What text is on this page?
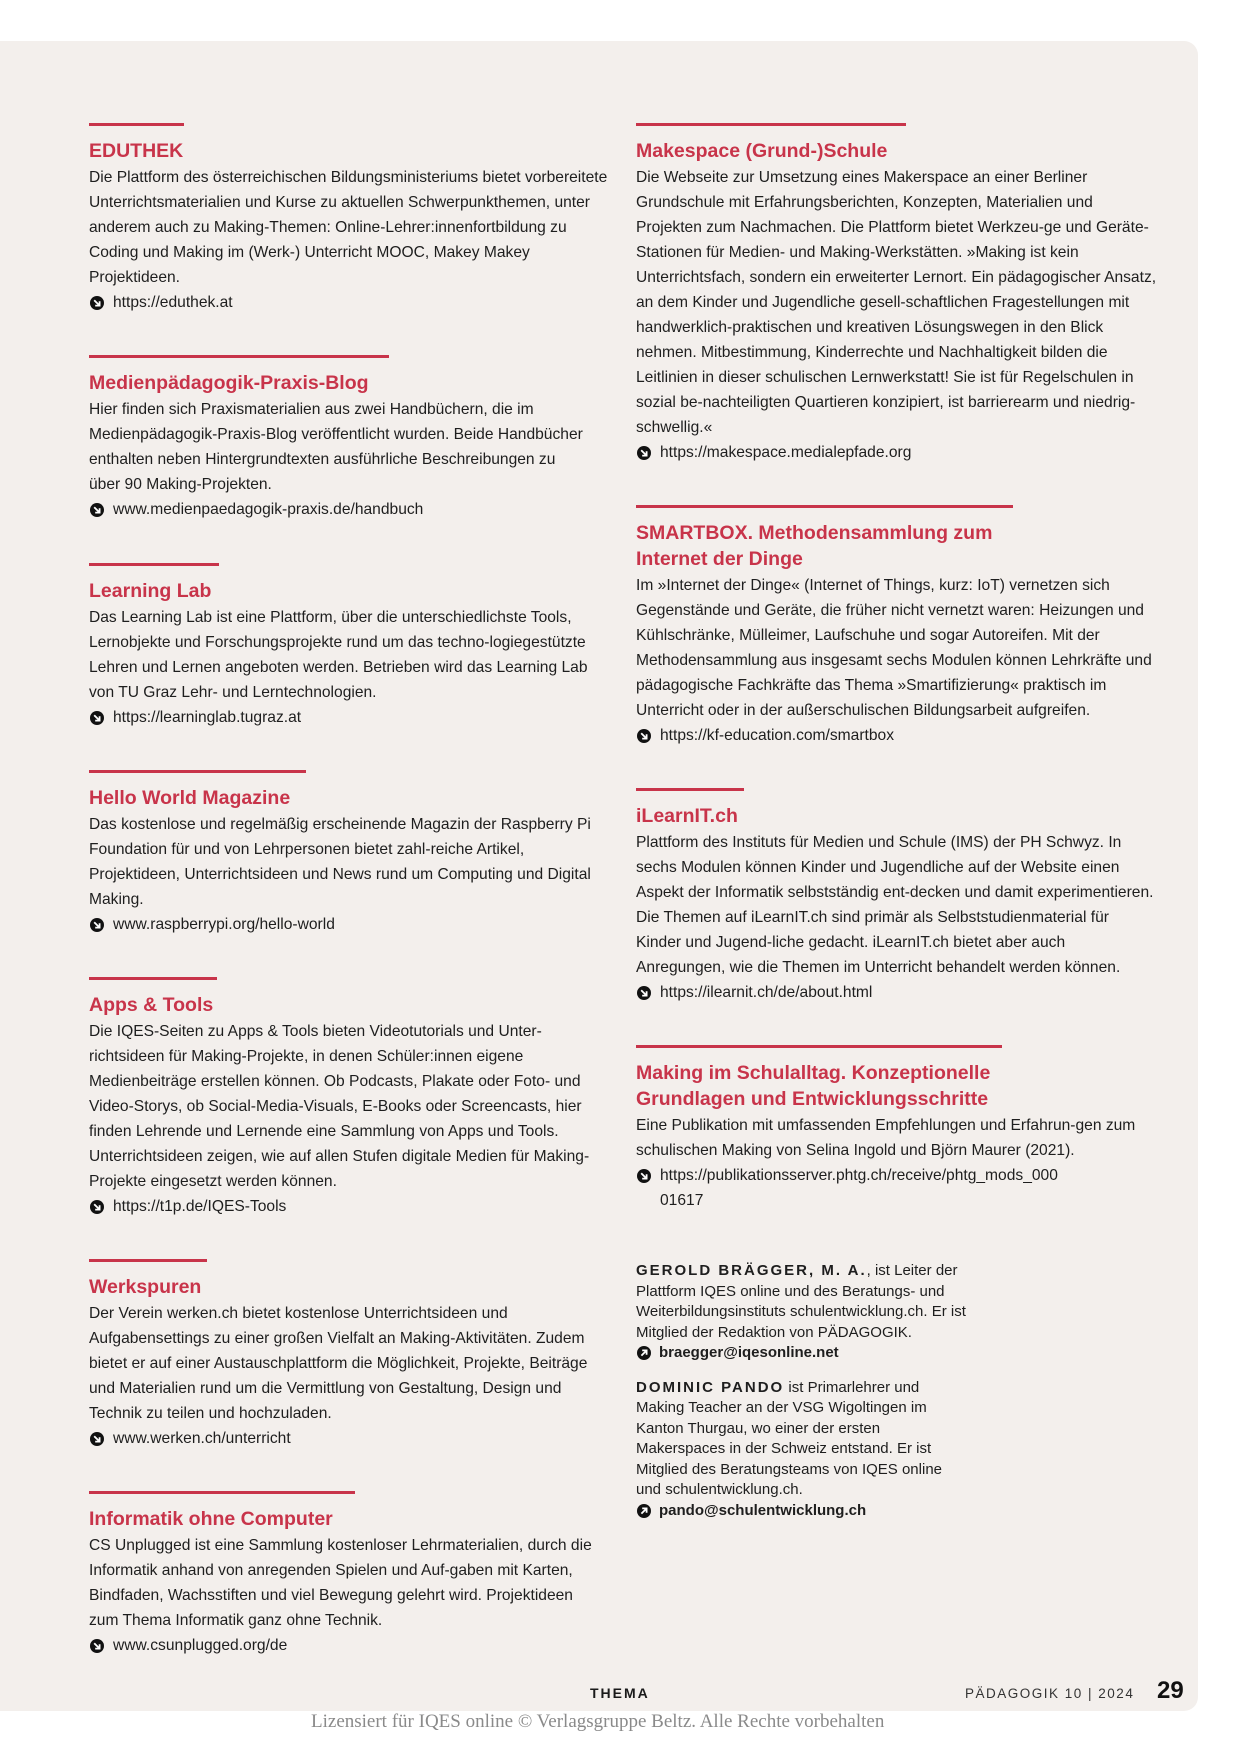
EDUTHEK

Die Plattform des österreichischen Bildungsministeriums bietet vorbereitete Unterrichtsmaterialien und Kurse zu aktuellen Schwerpunkthemen, unter anderem auch zu Making-Themen: Online-Lehrer:innenfortbildung zu Coding und Making im (Werk-) Unterricht MOOC, Makey Makey Projektideen.

https://eduthek.at
Medienpädagogik-Praxis-Blog

Hier finden sich Praxismaterialien aus zwei Handbüchern, die im Medienpädagogik-Praxis-Blog veröffentlicht wurden. Beide Handbücher enthalten neben Hintergrundtexten ausführliche Beschreibungen zu über 90 Making-Projekten.

www.medienpaedagogik-praxis.de/handbuch
Learning Lab

Das Learning Lab ist eine Plattform, über die unterschiedlichste Tools, Lernobjekte und Forschungsprojekte rund um das techno-logiegestützte Lehren und Lernen angeboten werden. Betrieben wird das Learning Lab von TU Graz Lehr- und Lerntechnologien.

https://learninglab.tugraz.at
Hello World Magazine

Das kostenlose und regelmäßig erscheinende Magazin der Raspberry Pi Foundation für und von Lehrpersonen bietet zahl-reiche Artikel, Projektideen, Unterrichtsideen und News rund um Computing und Digital Making.

www.raspberrypi.org/hello-world
Apps & Tools

Die IQES-Seiten zu Apps & Tools bieten Videotutorials und Unter-richtsideen für Making-Projekte, in denen Schüler:innen eigene Medienbeiträge erstellen können. Ob Podcasts, Plakate oder Foto- und Video-Storys, ob Social-Media-Visuals, E-Books oder Screencasts, hier finden Lehrende und Lernende eine Sammlung von Apps und Tools. Unterrichtsideen zeigen, wie auf allen Stufen digitale Medien für Making-Projekte eingesetzt werden können.

https://t1p.de/IQES-Tools
Werkspuren

Der Verein werken.ch bietet kostenlose Unterrichtsideen und Aufgabensettings zu einer großen Vielfalt an Making-Aktivitäten. Zudem bietet er auf einer Austauschplattform die Möglichkeit, Projekte, Beiträge und Materialien rund um die Vermittlung von Gestaltung, Design und Technik zu teilen und hochzuladen.

www.werken.ch/unterricht
Informatik ohne Computer

CS Unplugged ist eine Sammlung kostenloser Lehrmaterialien, durch die Informatik anhand von anregenden Spielen und Auf-gaben mit Karten, Bindfaden, Wachsstiften und viel Bewegung gelehrt wird. Projektideen zum Thema Informatik ganz ohne Technik.

www.csunplugged.org/de
Makespace (Grund-)Schule

Die Webseite zur Umsetzung eines Makerspace an einer Berliner Grundschule mit Erfahrungsberichten, Konzepten, Materialien und Projekten zum Nachmachen. Die Plattform bietet Werkzeu-ge und Geräte-Stationen für Medien- und Making-Werkstätten. »Making ist kein Unterrichtsfach, sondern ein erweiterter Lernort. Ein pädagogischer Ansatz, an dem Kinder und Jugendliche gesell-schaftlichen Fragestellungen mit handwerklich-praktischen und kreativen Lösungswegen in den Blick nehmen. Mitbestimmung, Kinderrechte und Nachhaltigkeit bilden die Leitlinien in dieser schulischen Lernwerkstatt! Sie ist für Regelschulen in sozial be-nachteiligten Quartieren konzipiert, ist barrierearm und niedrig-schwellig.«

https://makespace.medialepfade.org
SMARTBOX. Methodensammlung zum Internet der Dinge

Im »Internet der Dinge« (Internet of Things, kurz: IoT) vernetzen sich Gegenstände und Geräte, die früher nicht vernetzt waren: Heizungen und Kühlschränke, Mülleimer, Laufschuhe und sogar Autoreifen. Mit der Methodensammlung aus insgesamt sechs Modulen können Lehrkräfte und pädagogische Fachkräfte das Thema »Smartifizierung« praktisch im Unterricht oder in der außerschulischen Bildungsarbeit aufgreifen.

https://kf-education.com/smartbox
iLearnIT.ch

Plattform des Instituts für Medien und Schule (IMS) der PH Schwyz. In sechs Modulen können Kinder und Jugendliche auf der Website einen Aspekt der Informatik selbstständig ent-decken und damit experimentieren. Die Themen auf iLearnIT.ch sind primär als Selbststudienmaterial für Kinder und Jugend-liche gedacht. iLearnIT.ch bietet aber auch Anregungen, wie die Themen im Unterricht behandelt werden können.

https://ilearnit.ch/de/about.html
Making im Schulalltag. Konzeptionelle Grundlagen und Entwicklungsschritte

Eine Publikation mit umfassenden Empfehlungen und Erfahrun-gen zum schulischen Making von Selina Ingold und Björn Maurer (2021).

https://publikationsserver.phtg.ch/receive/phtg_mods_00001617
GEROLD BRÄGGER, M. A., ist Leiter der Plattform IQES online und des Beratungs- und Weiterbildungsinstituts schulentwicklung.ch. Er ist Mitglied der Redaktion von PÄDAGOGIK.
braegger@iqesonline.net
DOMINIC PANDO ist Primarlehrer und Making Teacher an der VSG Wigoltingen im Kanton Thurgau, wo einer der ersten Makerspaces in der Schweiz entstand. Er ist Mitglied des Beratungsteams von IQES online und schulentwicklung.ch.
pando@schulentwicklung.ch
THEMA	PÄDAGOGIK 10 | 2024 29
Lizensiert für IQES online © Verlagsgruppe Beltz. Alle Rechte vorbehalten
